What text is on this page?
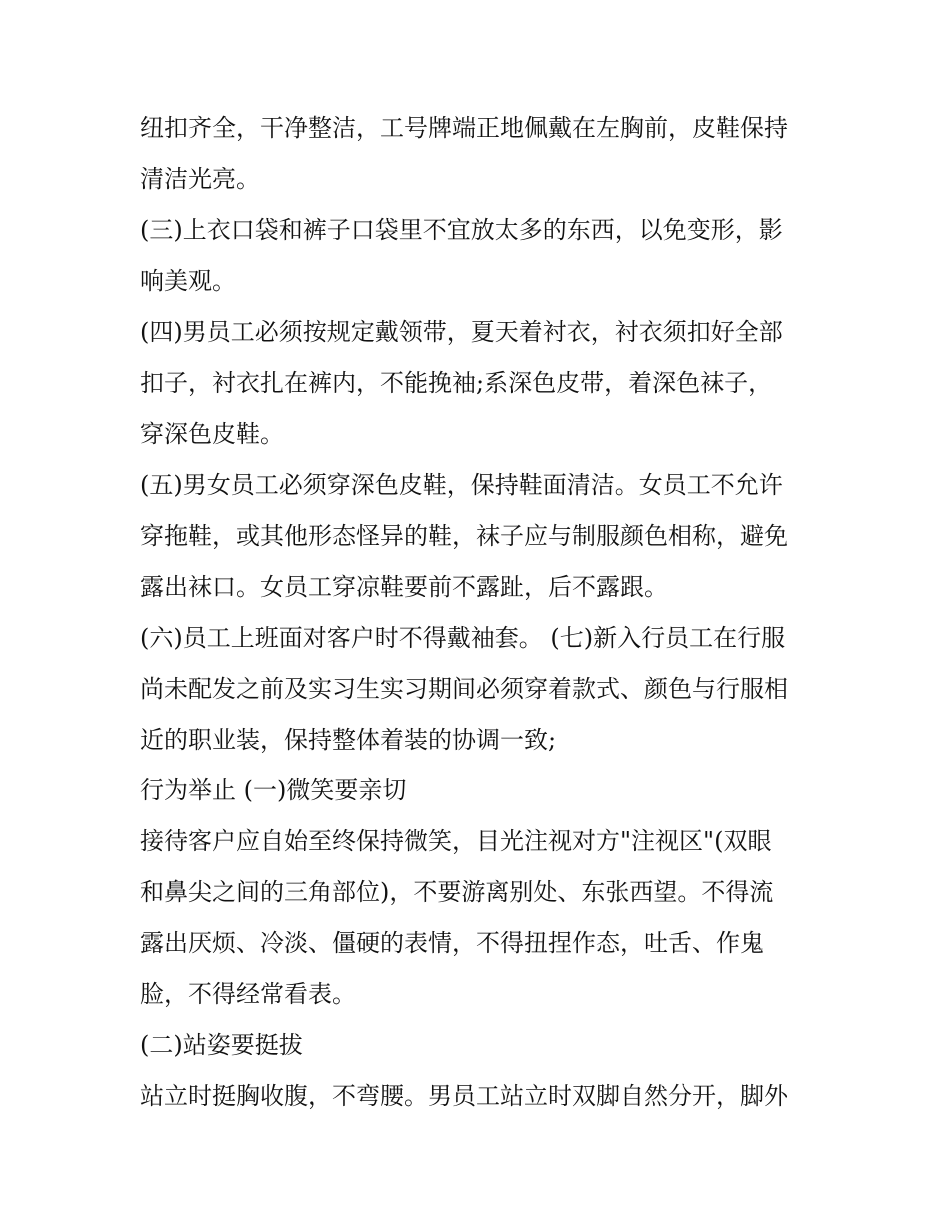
纽扣齐全，干净整洁，工号牌端正地佩戴在左胸前，皮鞋保持

清洁光亮。

(三)上衣口袋和裤子口袋里不宜放太多的东西，以免变形，影

响美观。

(四)男员工必须按规定戴领带，夏天着衬衣，衬衣须扣好全部

扣子，衬衣扎在裤内，不能挽袖;系深色皮带，着深色袜子，

穿深色皮鞋。

(五)男女员工必须穿深色皮鞋，保持鞋面清洁。女员工不允许

穿拖鞋，或其他形态怪异的鞋，袜子应与制服颜色相称，避免

露出袜口。女员工穿凉鞋要前不露趾，后不露跟。

(六)员工上班面对客户时不得戴袖套。 (七)新入行员工在行服

尚未配发之前及实习生实习期间必须穿着款式、颜色与行服相

近的职业装，保持整体着装的协调一致;

行为举止 (一)微笑要亲切

接待客户应自始至终保持微笑，目光注视对方"注视区"(双眼

和鼻尖之间的三角部位)，不要游离别处、东张西望。不得流

露出厌烦、冷淡、僵硬的表情，不得扭捏作态，吐舌、作鬼

脸，不得经常看表。

(二)站姿要挺拔

站立时挺胸收腹，不弯腰。男员工站立时双脚自然分开，脚外
